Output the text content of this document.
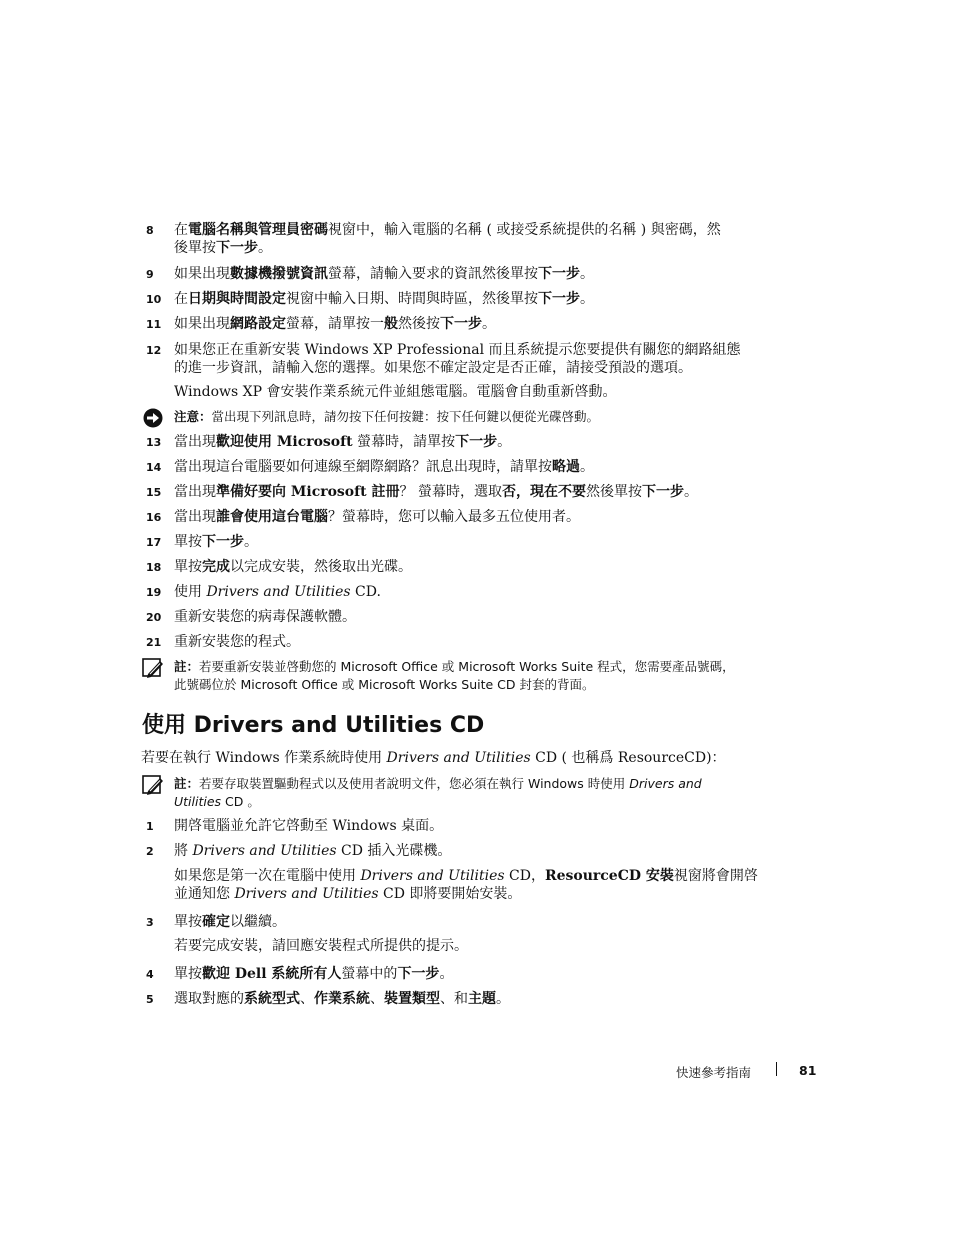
8	在電腦名稱與管理員密碼視窗中，輸入電腦的名稱 ( 或接受系統提供的名稱 ) 與密碼，然
後單按下一步。
9	如果出現數據機撥號資訊螢幕，請輸入要求的資訊然後單按下一步。
10 在日期與時間設定視窗中輸入日期、時間與時區，然後單按下一步。
11 如果出現網路設定螢幕，請單按一般然後按下一步。
12 如果您正在重新安裝 Windows XP Professional 而且系統提示您要提供有關您的網路組態
的進一步資訊，請輸入您的選擇。如果您不確定設定是否正確，請接受預設的選項。
Windows XP 會安裝作業系統元件並組態電腦。電腦會自動重新啓動。
注意：當出現下列訊息時，請勿按下任何按鍵：按下任何鍵以便從光碟啓動。
13 當出現歡迎使用 Microsoft 螢幕時，請單按下一步。
14 當出現這台電腦要如何連線至網際網路？訊息出現時，請單按略過。
15 當出現準備好要向 Microsoft 註冊？ 螢幕時，選取否，現在不要然後單按下一步。
16 當出現誰會使用這台電腦？螢幕時，您可以輸入最多五位使用者。
17 單按下一步。
18 單按完成以完成安裝，然後取出光碟。
19 使用 Drivers and Utilities CD.
20 重新安裝您的病毒保護軟體。
21 重新安裝您的程式。
註：若要重新安裝並啓動您的 Microsoft Office 或 Microsoft Works Suite 程式，您需要產品號碼，
此號碼位於 Microsoft Office 或 Microsoft Works Suite CD 封套的背面。
使用 Drivers and Utilities CD
若要在執行 Windows 作業系統時使用 Drivers and Utilities CD ( 也稱爲 ResourceCD)：
註：若要存取裝置驅動程式以及使用者說明文件，您必須在執行 Windows 時使用 Drivers and
Utilities CD 。
1	開啓電腦並允許它啓動至 Windows 桌面。
2	將 Drivers and Utilities CD 插入光碟機。
如果您是第一次在電腦中使用 Drivers and Utilities CD，ResourceCD 安裝視窗將會開啓
並通知您 Drivers and Utilities CD 即將要開始安裝。
3	單按確定以繼續。
若要完成安裝，請回應安裝程式所提供的提示。
4	單按歡迎 Dell 系統所有人螢幕中的下一步。
5	選取對應的系統型式、作業系統、裝置類型、和主題。
快速參考指南	81
